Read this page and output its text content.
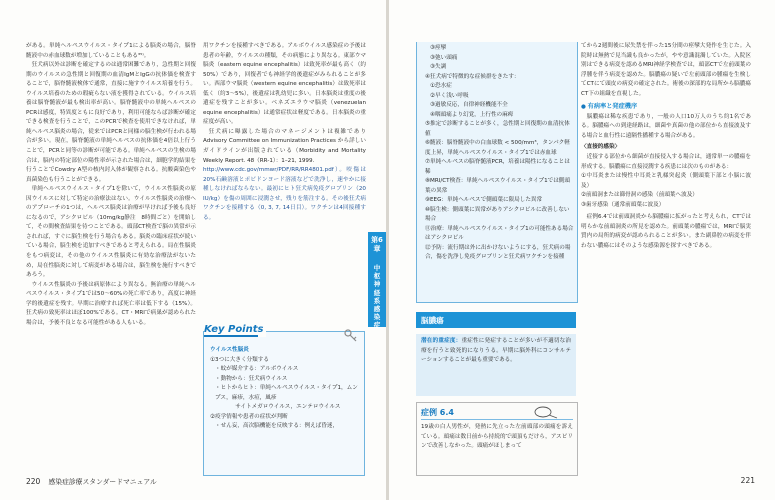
がある。単純ヘルペスウイルス・タイプ1による脳炎の場合，脳脊髄液中の赤血球数が増加していることもある³⁵⁾。

狂犬病以外は診断を確定するのは通常困難であり，急性期と回復期のウイルスの急性期と回復期の血清IgMとIgGの抗体価を検査することで，脳脊髄液検体で通常，直接に施すウイルス培養を行う。ウイルス培養のための瑕疵らない液を獲得されている。ウイルス培養は脳脊髄液が最も検出率が高い。脳脊髄液中の単純ヘルペスのPCRは感度，特異度ともに良好であり，利用可能ならば診断が確定できる検査を行うことで，このPCRで検査を使用できなければ，単純ヘルペス脳炎の場合，従来ではPCRと同様の脳生検が行われる場合が多い。現在，脳脊髄液の単純ヘルペスの抗体価を4倍以上行うことで，PCRと同等の診断が可能である。単純ヘルペスの生検の場合は，脳内の特定部位の陽性率が示された場合は，細胞学的結果を行うことでCowdry A型の核内封入体が観察される。抗酸菌染色や真菌染色も行うことができる。

単純ヘルペスウイルス・タイプ1を除いて，ウイルス性脳炎の原因ウイルスに対して特定の治療法はない。ウイルス性脳炎の治療へのアプローチの1つは，ヘルペス脳炎は治療が早ければ予後も良好になるので，アシクロビル（10mg/kg静注　8時間ごと）を開始して，その間検査結果を待つことである。頭部CT検査で脳の異常が示されれば，すぐに脳生検を行う場合もある。脳炎の臨床症状が続いている場合，脳生検を追加すべきであると考えられる。局在性脳炎をもつ病変は，その他のウイルス性脳炎に有効な治療法がないため，局在性脳炎に対して病変がある場合は，脳生検を施行すべきであろう。

ウイルス性脳炎の予後は病原体により異なる。無治療の単純ヘルペスウイルス・タイプ1では50〜60%の死亡率であり，高度に神経学的後遺症を残す。早期に治療すれば死亡率は低下する（15%）。狂犬病の致死率はほぼ100%である。CT・MRIで病巣が認められた場合は，予後不良となる可能性がある人もいる。

用ワクチンを接種すべきである。アルボウイルス感染症の予後は患者の年齢，ウイルスの種類，その病態により異なる。東部ウマ脳炎（eastern equine encephalitis）は致死率が最も高く（約50%）であり，回復者でも神経学的後遺症がみられることが多い。西部ウマ脳炎（western equine encephalitis）は致死率は低く（約3〜5%），後遺症は乳幼児に多い。日本脳炎は重度の後遺症を残すことが多い。ベネズエラウマ脳炎（venezuelan equine encephalitis）は通常症状は軽度である。日本脳炎の重症度が高い。

狂犬病に曝露した場合のマネージメントは複雑であり Advisory Committee on Immunization Practices から詳しいガイドラインが出版されている（Morbidity and Mortality Weekly Report. 48（RR-1）：1–21, 1999.

http://www.cdc.gov/mmwr/PDF/RR/RR4801.pdf）。咬傷は20%石鹸溶液とポビドンヨード溶液などで洗浄し，速やかに接種しなければならない。最初にヒト狂犬病免疫グロブリン（20 IU/kg）を傷の周囲に浸潤させ，残りを筋注する。その後狂犬病ワクチンを接種する（0, 3, 7, 14日目）。ワクチンは4回接種する。

Key Points

ウイルス性脳炎

①3つに大きく分類する

・蚊が媒介する：アルボウイルス

・動物から：狂犬病ウイルス

・ヒトからヒト：単純ヘルペスウイルス・タイプ1，ムンプス，麻疹，水痘，風疹

　　サイトメガロウイルス，エンテロウイルス

②疫学情報や患者の症状が判断

・せん妄，高次脳機能を反映する：例えば昏迷，

220 感染症診療スタンダードマニュアル

③痙攣

③弛い頭痛

③失調

④狂犬病で特徴的な症候群をきたす：

①恐水症

②早く浅い呼吸

③過敏反応，自律神経機能不全

④咽頭痛より幻覚，上行性の麻痺

⑤推定で診断することが多く，急性期と回復期の血清抗体値

⑥髄液：脳脊髄液中の白血球数 < 500/mm³，タンパク軽度上昇，単純ヘルペスウイルス・タイプ1では赤血球

⑦単純ヘルペスの脳脊髄液PCR，培養は陽性になることは稀

⑧MRI/CT検査：単純ヘルペスウイルス・タイプ1では側頭葉の異常

⑨EEG：単純ヘルペスで側頭葉に限局した異常

⑩脳生検：側頭葉に異常がありアシクロビルに改善しない場合

⑪治療：単純ヘルペスウイルス・タイプ1の可能性ある場合はアシクロビル

⑫予防：流行期は外に出かけないようにする，狂犬病の場合，傷を洗浄し免疫グロブリンと狂犬病ワクチンを接種

脳膿瘍

潜在的重症度：重症性に発症することが多いが不適切な治療を行うと致死的になりうる。早期に脳外科にコンサルテーションすることが最も重要である。

症例 6.4
19歳の白人男性が，発熱に先立った左前頭部の頭痛を訴えている。頭痛は数日前から持続的で頭頂もだけら，アスピリンで改善しなかった。頭痛がほしまって

てから2週間後に尿失禁を伴った15分間の痙攣大発作を生じた。入院時は無熱で見当識も良かったが，やや意識混濁していた。入院区別はできる病変を認めるMRI神経学検査では，頭部CTで左前頭葉の浮腫を伴う病変を認めた。脳膿瘍の疑いで左前頭部の腫瘍を生検してCTにて頭皮の病変の確定された。術後の深部的な局所から脳膿瘍CT下の組織を直視した。

● 有病率と発症機序

脳膿瘍は稀な疾患であり，一般の人口10万人のうち約1名である。脳膿瘍への到達経路は，細菌や真菌の他の部位から直接波及する場合と血行性に遠隔性播種する場合がある。

〈直接的感染〉

近接する部位から細菌が直接侵入する場合は，通常単一の膿瘍を形成する。脳膿瘍に直接浸潤する疾患には次のものがある：

①中耳炎または慢性中耳炎と乳様突起炎（側頭葉下部と小脳に波及）

②前頭洞または篩骨洞の感染（前頭葉へ波及）

③歯牙感染（通常前頭葉に波及）

症例6.4では前頭洞炎から脳膿瘍に拡がったと考えられ，CTでは明らかな前頭洞炎の所見を認めた。前頭葉の膿瘍では，MRIで脳実質内の局所的病変が認められることが多い。また副鼻腔の病変を伴わない膿瘍にはそのような感染源を探すべきである。

221
第6章
中枢神経系感染症
